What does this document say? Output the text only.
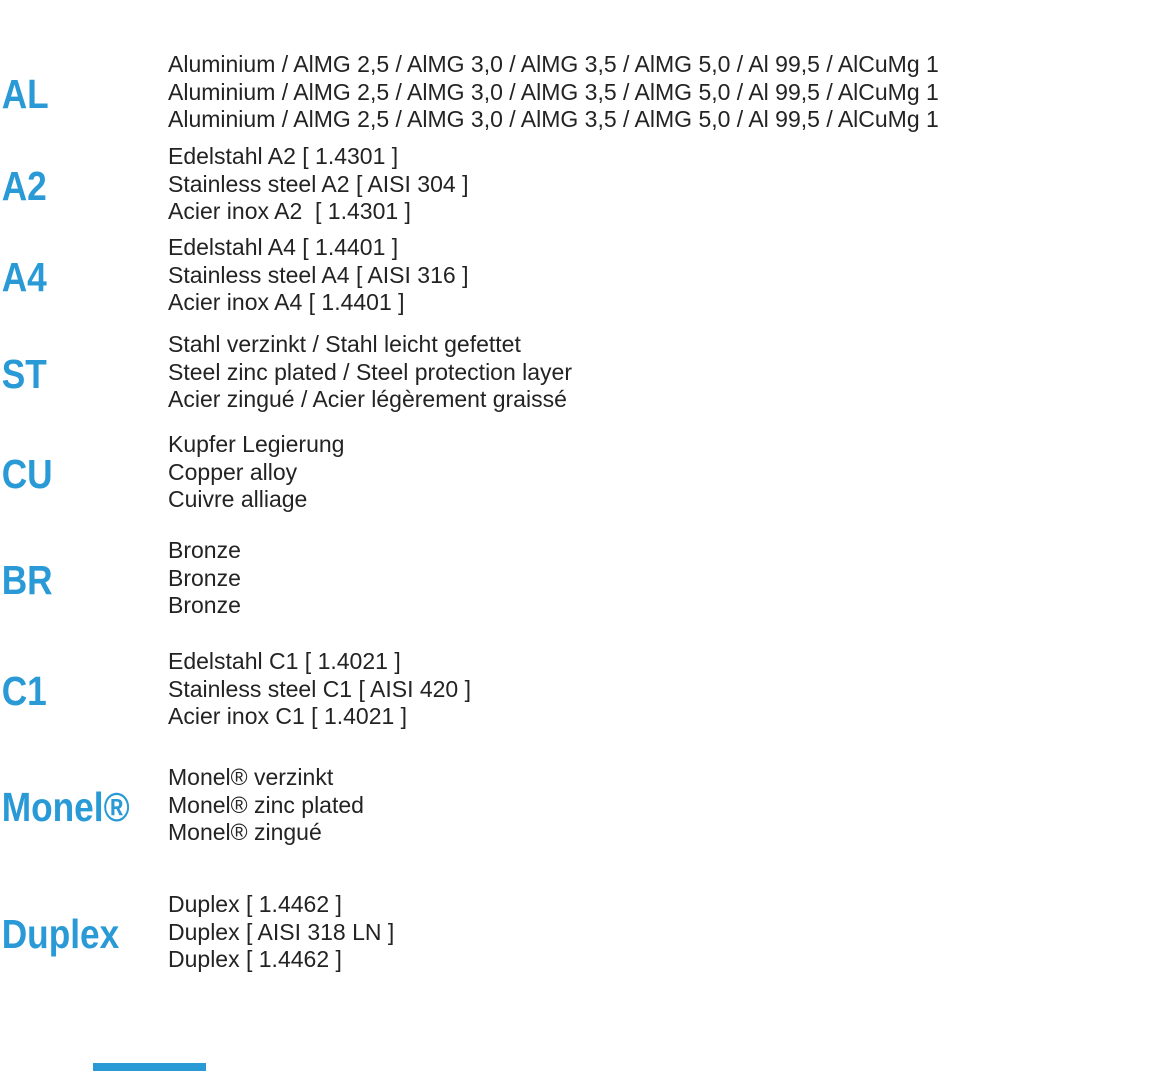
AL
Aluminium / AlMG 2,5 / AlMG 3,0 / AlMG 3,5 / AlMG 5,0 / Al 99,5 / AlCuMg 1
Aluminium / AlMG 2,5 / AlMG 3,0 / AlMG 3,5 / AlMG 5,0 / Al 99,5 / AlCuMg 1
Aluminium / AlMG 2,5 / AlMG 3,0 / AlMG 3,5 / AlMG 5,0 / Al 99,5 / AlCuMg 1
A2
Edelstahl A2 [ 1.4301 ]
Stainless steel A2 [ AISI 304 ]
Acier inox A2  [ 1.4301 ]
A4
Edelstahl A4 [ 1.4401 ]
Stainless steel A4 [ AISI 316 ]
Acier inox A4 [ 1.4401 ]
ST
Stahl verzinkt / Stahl leicht gefettet
Steel zinc plated / Steel protection layer
Acier zingué / Acier légèrement graissé
CU
Kupfer Legierung
Copper alloy
Cuivre alliage
BR
Bronze
Bronze
Bronze
C1
Edelstahl C1 [ 1.4021 ]
Stainless steel C1 [ AISI 420 ]
Acier inox C1 [ 1.4021 ]
Monel®
Monel® verzinkt
Monel® zinc plated
Monel® zingué
Duplex
Duplex [ 1.4462 ]
Duplex [ AISI 318 LN ]
Duplex [ 1.4462 ]
